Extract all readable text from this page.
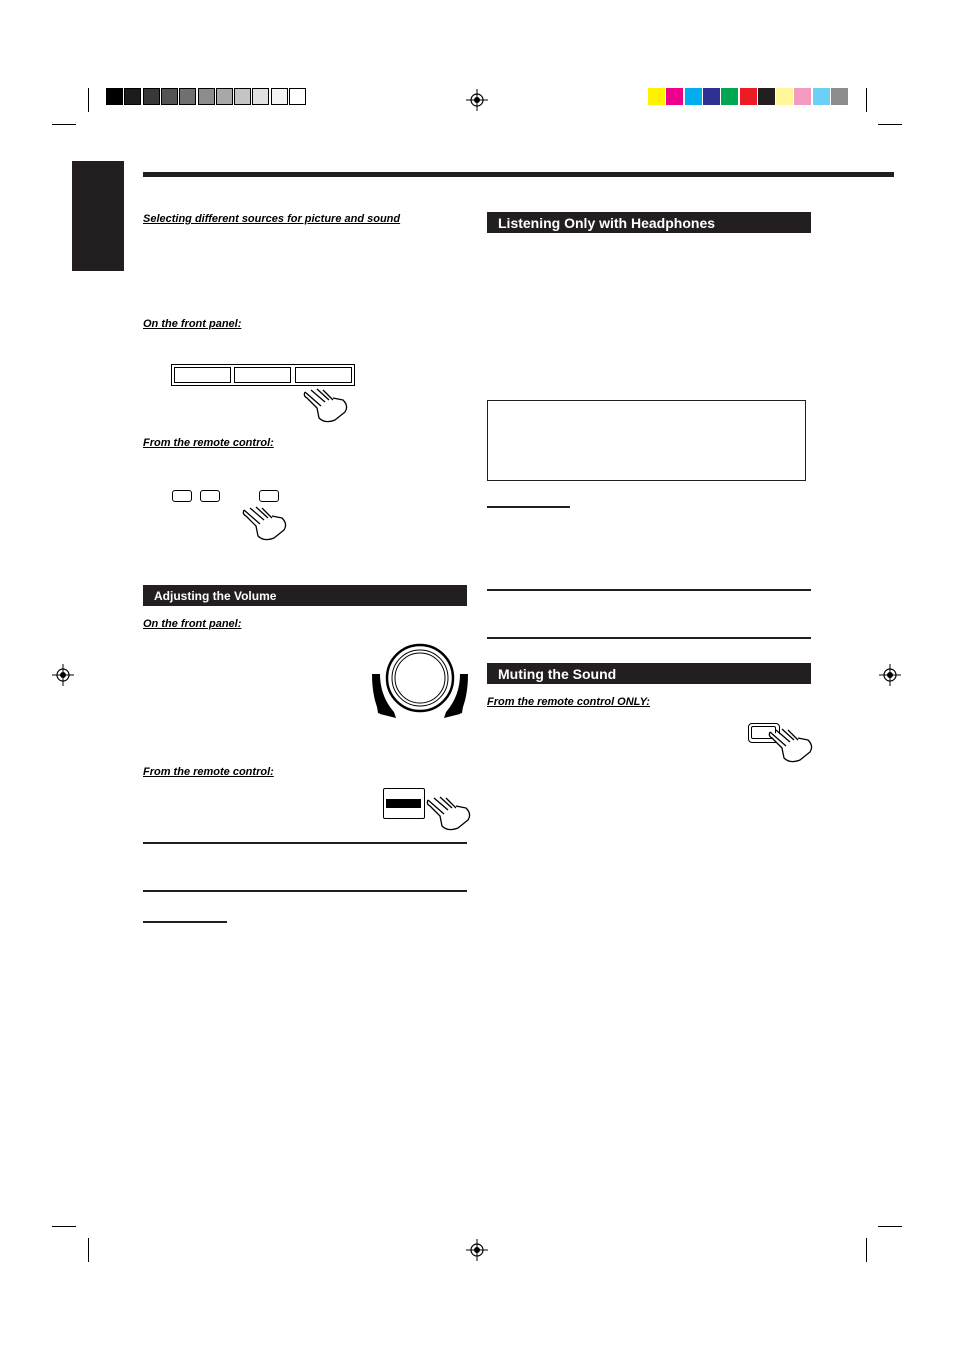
Selecting different sources for picture and sound
On the front panel:
From the remote control:
Adjusting the Volume
On the front panel:
From the remote control:
Listening Only with Headphones
Muting the Sound
From the remote control ONLY:
